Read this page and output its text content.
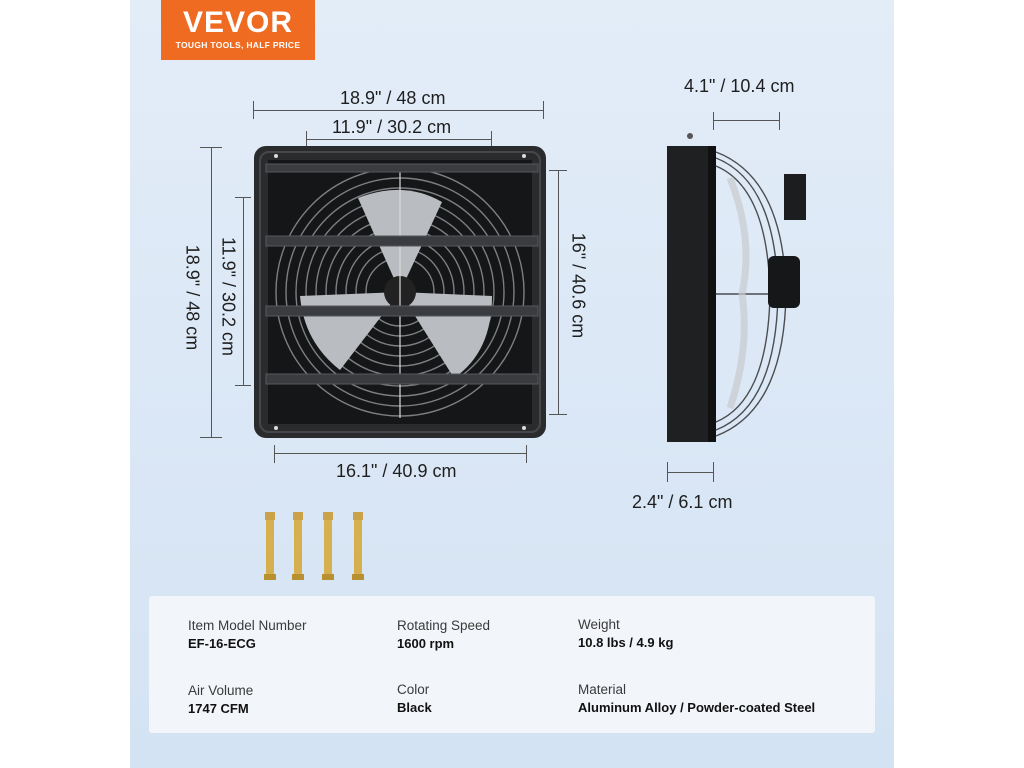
VEVOR
TOUGH TOOLS, HALF PRICE
18.9" / 48 cm
11.9" / 30.2 cm
18.9" / 48 cm 11.9" / 30.2 cm	16" / 40.6 cm
16.1" / 40.9 cm
4.1" / 10.4 cm
2.4" / 6.1 cm
Item Model Number
EF-16-ECG
Rotating Speed
1600 rpm
Weight
10.8 lbs / 4.9 kg
Air Volume
1747 CFM
Color
Black
Material
Aluminum Alloy / Powder-coated Steel
